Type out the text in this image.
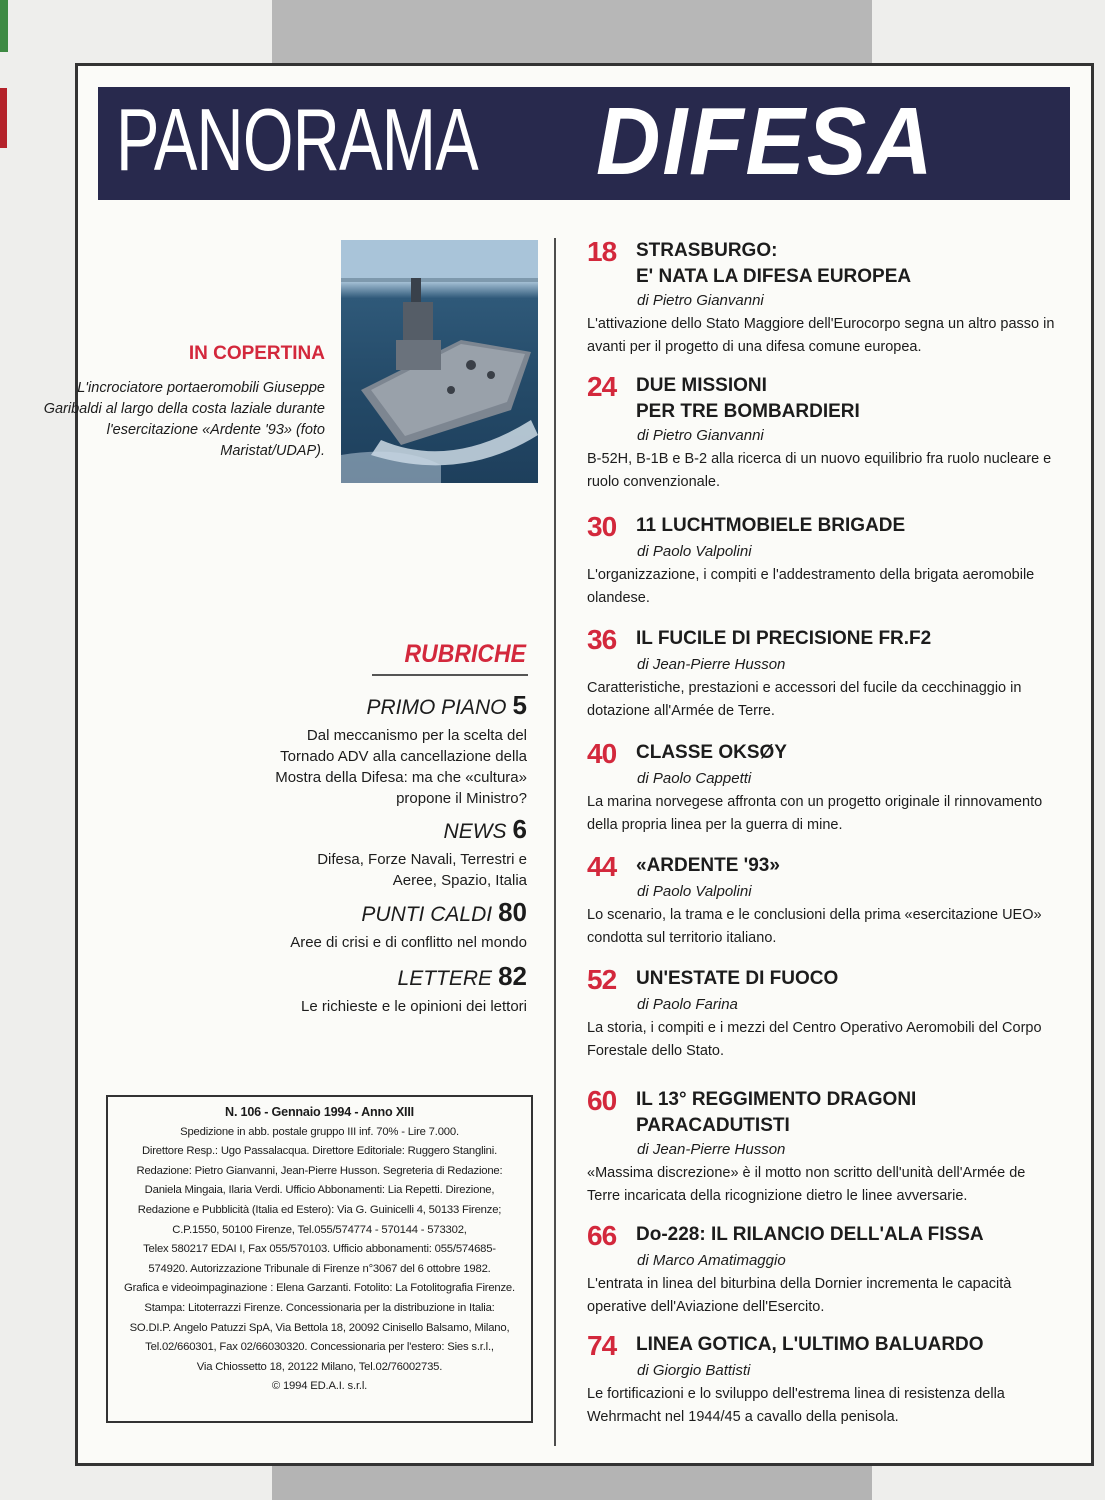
PANORAMA DIFESA
IN COPERTINA
L'incrociatore portaeromobili Giuseppe Garibaldi al largo della costa laziale durante l'esercitazione «Ardente '93» (foto Maristat/UDAP).
RUBRICHE
PRIMO PIANO 5
Dal meccanismo per la scelta del Tornado ADV alla cancellazione della Mostra della Difesa: ma che «cultura» propone il Ministro?
NEWS 6
Difesa, Forze Navali, Terrestri e Aeree, Spazio, Italia
PUNTI CALDI 80
Aree di crisi e di conflitto nel mondo
LETTERE 82
Le richieste e le opinioni dei lettori
N. 106 - Gennaio 1994 - Anno XIII
Spedizione in abb. postale gruppo III inf. 70% - Lire 7.000.
Direttore Resp.: Ugo Passalacqua. Direttore Editoriale: Ruggero Stanglini.
Redazione: Pietro Gianvanni, Jean-Pierre Husson. Segreteria di Redazione:
Daniela Mingaia, Ilaria Verdi. Ufficio Abbonamenti: Lia Repetti. Direzione,
Redazione e Pubblicità (Italia ed Estero): Via G. Guinicelli 4, 50133 Firenze;
C.P.1550, 50100 Firenze, Tel.055/574774 - 570144 - 573302,
Telex 580217 EDAI I, Fax 055/570103. Ufficio abbonamenti: 055/574685-
574920. Autorizzazione Tribunale di Firenze n°3067 del 6 ottobre 1982.
Grafica e videoimpaginazione : Elena Garzanti. Fotolito: La Fotolitografia Firenze.
Stampa: Litoterrazzi Firenze. Concessionaria per la distribuzione in Italia:
SO.DI.P. Angelo Patuzzi SpA, Via Bettola 18, 20092 Cinisello Balsamo, Milano,
Tel.02/660301, Fax 02/66030320. Concessionaria per l'estero: Sies s.r.l.,
Via Chiossetto 18, 20122 Milano, Tel.02/76002735.
© 1994 ED.A.I. s.r.l.
18	STRASBURGO:
E' NATA LA DIFESA EUROPEA
di Pietro Gianvanni
L'attivazione dello Stato Maggiore dell'Eurocorpo segna un altro passo in avanti per il progetto di una difesa comune europea.
24	DUE MISSIONI
PER TRE BOMBARDIERI
di Pietro Gianvanni
B-52H, B-1B e B-2 alla ricerca di un nuovo equilibrio fra ruolo nucleare e ruolo convenzionale.
30	11 LUCHTMOBIELE BRIGADE
di Paolo Valpolini
L'organizzazione, i compiti e l'addestramento della brigata aeromobile olandese.
36	IL FUCILE DI PRECISIONE FR.F2
di Jean-Pierre Husson
Caratteristiche, prestazioni e accessori del fucile da cecchinaggio in dotazione all'Armée de Terre.
40	CLASSE OKSØY
di Paolo Cappetti
La marina norvegese affronta con un progetto originale il rinnovamento della propria linea per la guerra di mine.
44	«ARDENTE '93»
di Paolo Valpolini
Lo scenario, la trama e le conclusioni della prima «esercitazione UEO» condotta sul territorio italiano.
52	UN'ESTATE DI FUOCO
di Paolo Farina
La storia, i compiti e i mezzi del Centro Operativo Aeromobili del Corpo Forestale dello Stato.
60	IL 13° REGGIMENTO DRAGONI
PARACADUTISTI
di Jean-Pierre Husson
«Massima discrezione» è il motto non scritto dell'unità dell'Armée de Terre incaricata della ricognizione dietro le linee avversarie.
66	Do-228: IL RILANCIO DELL'ALA FISSA
di Marco Amatimaggio
L'entrata in linea del biturbina della Dornier incrementa le capacità operative dell'Aviazione dell'Esercito.
74	LINEA GOTICA, L'ULTIMO BALUARDO
di Giorgio Battisti
Le fortificazioni e lo sviluppo dell'estrema linea di resistenza della Wehrmacht nel 1944/45 a cavallo della penisola.
